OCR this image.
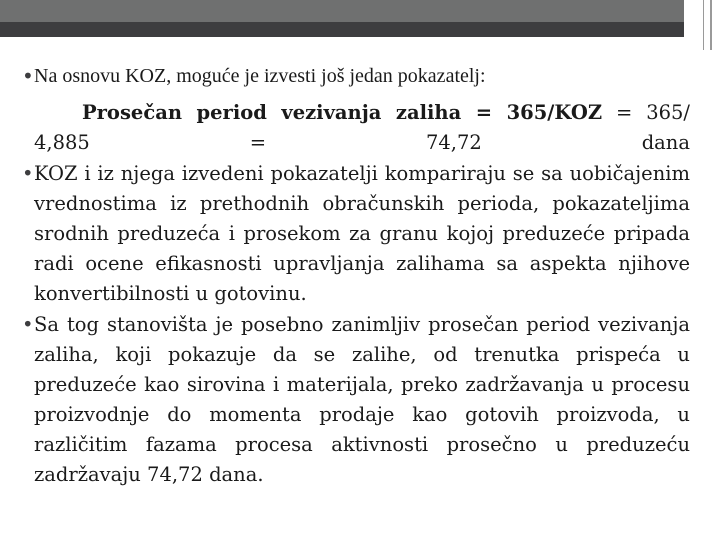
• Na osnovu KOZ, moguće je izvesti još jedan pokazatelj:
Prosečan period vezivanja zaliha = 365/KOZ = 365/ 4,885 = 74,72 dana
• KOZ i iz njega izvedeni pokazatelji kompariraju se sa uobičajenim vrednostima iz prethodnih obračunskih perioda, pokazateljima srodnih preduzeća i prosekom za granu kojoj preduzeće pripada radi ocene efikasnosti upravljanja zalihama sa aspekta njihove konvertibilnosti u gotovinu.
• Sa tog stanovišta je posebno zanimljiv prosečan period vezivanja zaliha, koji pokazuje da se zalihe, od trenutka prispeća u preduzeće kao sirovina i materijala, preko zadržavanja u procesu proizvodnje do momenta prodaje kao gotovih proizvoda, u različitim fazama procesa aktivnosti prosečno u preduzeću zadržavaju 74,72 dana.
